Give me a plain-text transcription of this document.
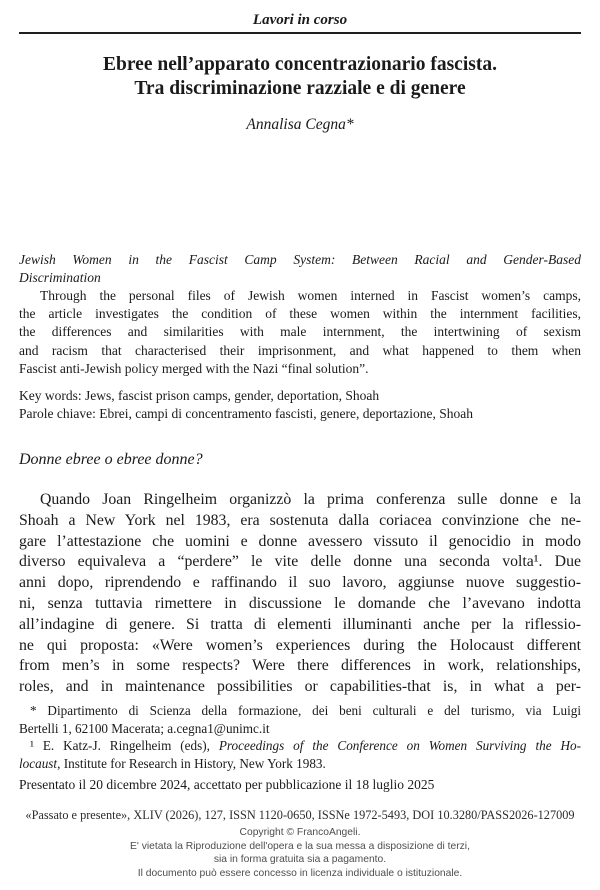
Lavori in corso
Ebree nell’apparato concentrazionario fascista.
Tra discriminazione razziale e di genere
Annalisa Cegna*
Jewish Women in the Fascist Camp System: Between Racial and Gender-Based
Discrimination
Through the personal files of Jewish women interned in Fascist women’s camps,
the article investigates the condition of these women within the internment facilities,
the differences and similarities with male internment, the intertwining of sexism
and racism that characterised their imprisonment, and what happened to them when
Fascist anti-Jewish policy merged with the Nazi “final solution”.
Key words: Jews, fascist prison camps, gender, deportation, Shoah
Parole chiave: Ebrei, campi di concentramento fascisti, genere, deportazione, Shoah
Donne ebree o ebree donne?
Quando Joan Ringelheim organizzò la prima conferenza sulle donne e la
Shoah a New York nel 1983, era sostenuta dalla coriacea convinzione che ne-
gare l’attestazione che uomini e donne avessero vissuto il genocidio in modo
diverso equivaleva a “perdere” le vite delle donne una seconda volta¹. Due
anni dopo, riprendendo e raffinando il suo lavoro, aggiunse nuove suggestio-
ni, senza tuttavia rimettere in discussione le domande che l’avevano indotta
all’indagine di genere. Si tratta di elementi illuminanti anche per la riflessio-
ne qui proposta: «Were women’s experiences during the Holocaust different
from men’s in some respects? Were there differences in work, relationships,
roles, and in maintenance possibilities or capabilities-that is, in what a per-
* Dipartimento di Scienza della formazione, dei beni culturali e del turismo, via Luigi
Bertelli 1, 62100 Macerata; a.cegna1@unimc.it
¹ E. Katz-J. Ringelheim (eds), Proceedings of the Conference on Women Surviving the Ho-
locaust, Institute for Research in History, New York 1983.
Presentato il 20 dicembre 2024, accettato per pubblicazione il 18 luglio 2025
«Passato e presente», XLIV (2026), 127, ISSN 1120-0650, ISSNe 1972-5493, DOI 10.3280/PASS2026-127009
Copyright © FrancoAngeli.
E' vietata la Riproduzione dell'opera e la sua messa a disposizione di terzi,
sia in forma gratuita sia a pagamento.
Il documento può essere concesso in licenza individuale o istituzionale.
